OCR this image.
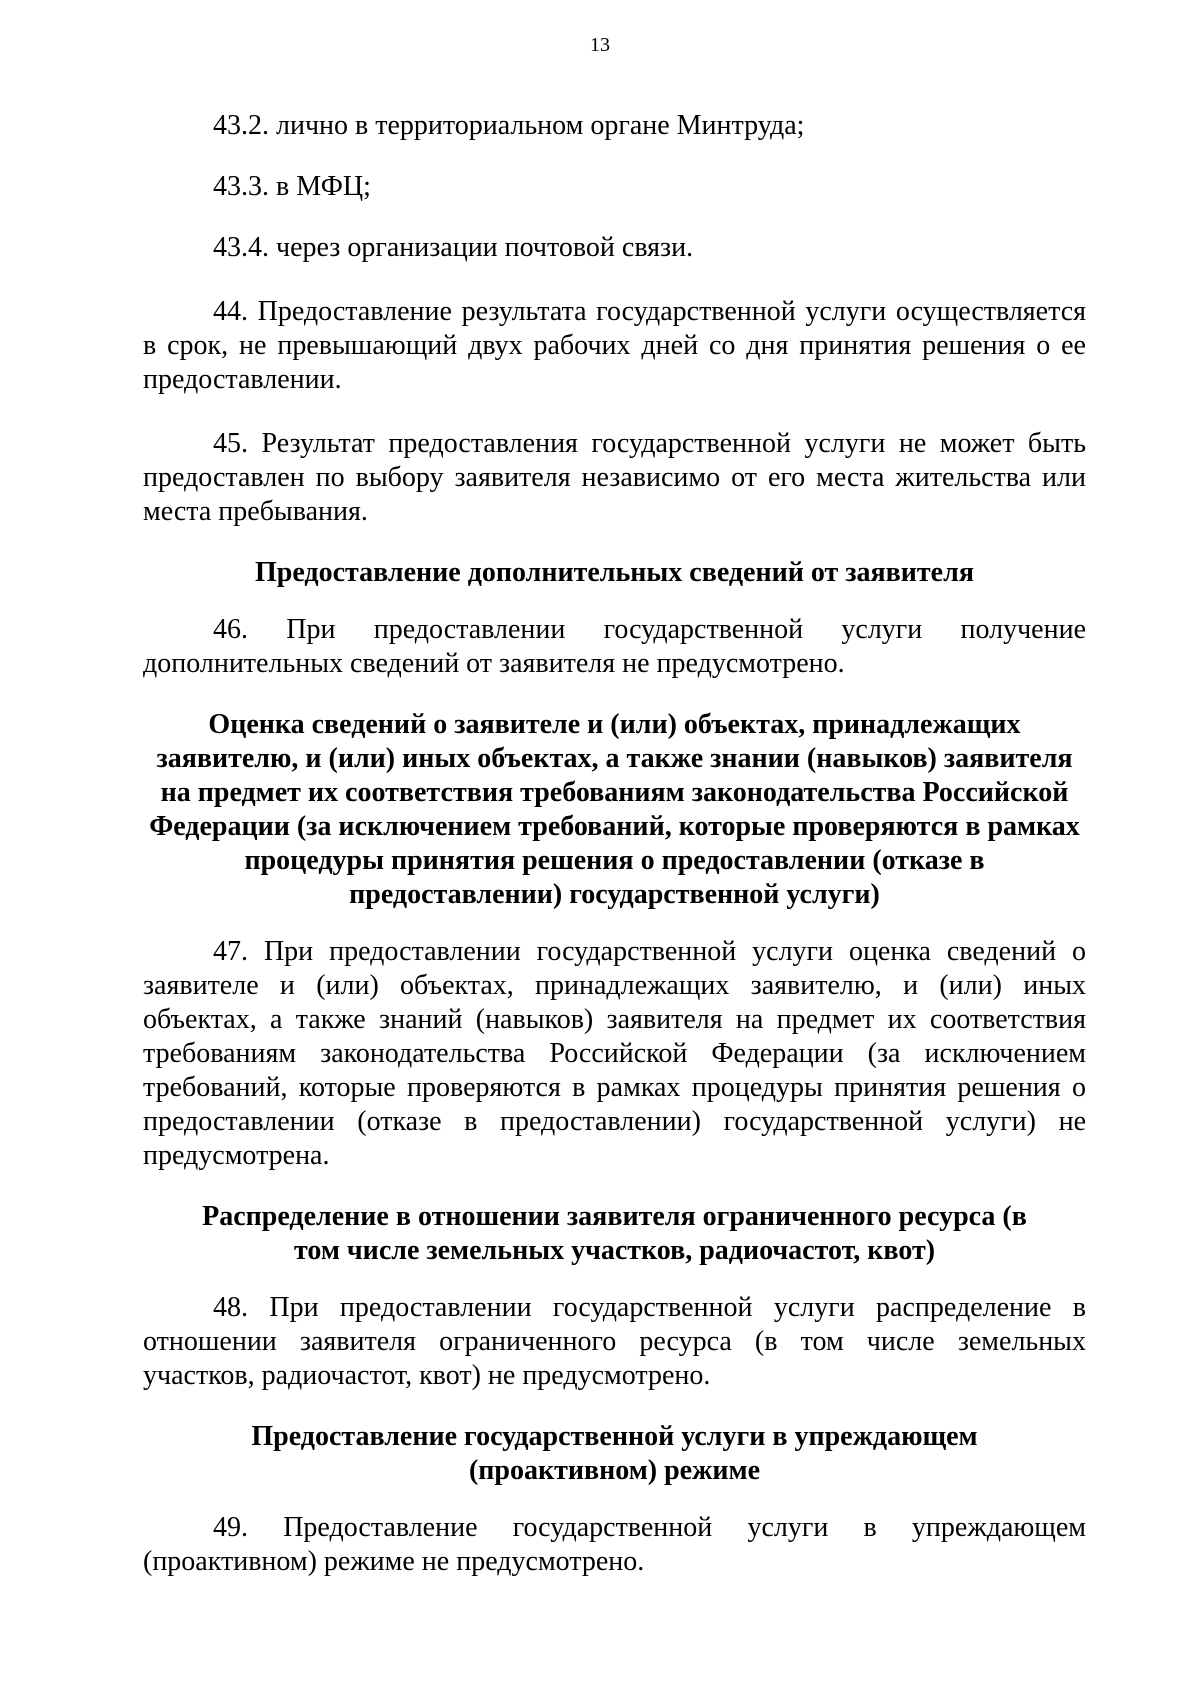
13

43.2. лично в территориальном органе Минтруда;

43.3. в МФЦ;

43.4. через организации почтовой связи.

44. Предоставление результата государственной услуги осуществляется в срок, не превышающий двух рабочих дней со дня принятия решения о ее предоставлении.

45. Результат предоставления государственной услуги не может быть предоставлен по выбору заявителя независимо от его места жительства или места пребывания.

Предоставление дополнительных сведений от заявителя

46. При предоставлении государственной услуги получение дополнительных сведений от заявителя не предусмотрено.

Оценка сведений о заявителе и (или) объектах, принадлежащих заявителю, и (или) иных объектах, а также знании (навыков) заявителя на предмет их соответствия требованиям законодательства Российской Федерации (за исключением требований, которые проверяются в рамках процедуры принятия решения о предоставлении (отказе в предоставлении) государственной услуги)

47. При предоставлении государственной услуги оценка сведений о заявителе и (или) объектах, принадлежащих заявителю, и (или) иных объектах, а также знаний (навыков) заявителя на предмет их соответствия требованиям законодательства Российской Федерации (за исключением требований, которые проверяются в рамках процедуры принятия решения о предоставлении (отказе в предоставлении) государственной услуги) не предусмотрена.

Распределение в отношении заявителя ограниченного ресурса (в том числе земельных участков, радиочастот, квот)

48. При предоставлении государственной услуги распределение в отношении заявителя ограниченного ресурса (в том числе земельных участков, радиочастот, квот) не предусмотрено.

Предоставление государственной услуги в упреждающем (проактивном) режиме

49. Предоставление государственной услуги в упреждающем (проактивном) режиме не предусмотрено.
